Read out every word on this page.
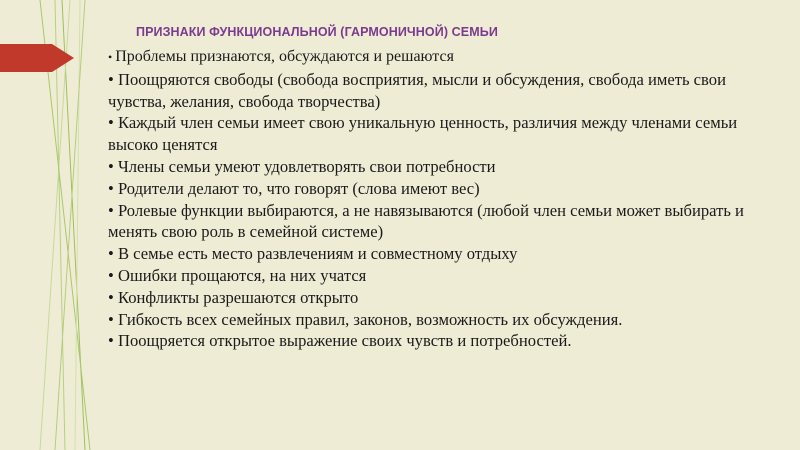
ПРИЗНАКИ ФУНКЦИОНАЛЬНОЙ (ГАРМОНИЧНОЙ) СЕМЬИ

• Проблемы признаются, обсуждаются и решаются

• Поощряются свободы (свобода восприятия, мысли и обсуждения, свобода иметь свои чувства, желания, свобода творчества)

• Каждый член семьи имеет свою уникальную ценность, различия между членами семьи высоко ценятся

• Члены семьи умеют удовлетворять свои потребности

• Родители делают то, что говорят (слова имеют вес)

• Ролевые функции выбираются, а не навязываются (любой член семьи может выбирать и менять свою роль в семейной системе)

• В семье есть место развлечениям и совместному отдыху

• Ошибки прощаются, на них учатся

• Конфликты разрешаются открыто

• Гибкость всех семейных правил, законов, возможность их обсуждения.

• Поощряется открытое выражение своих чувств и потребностей.
